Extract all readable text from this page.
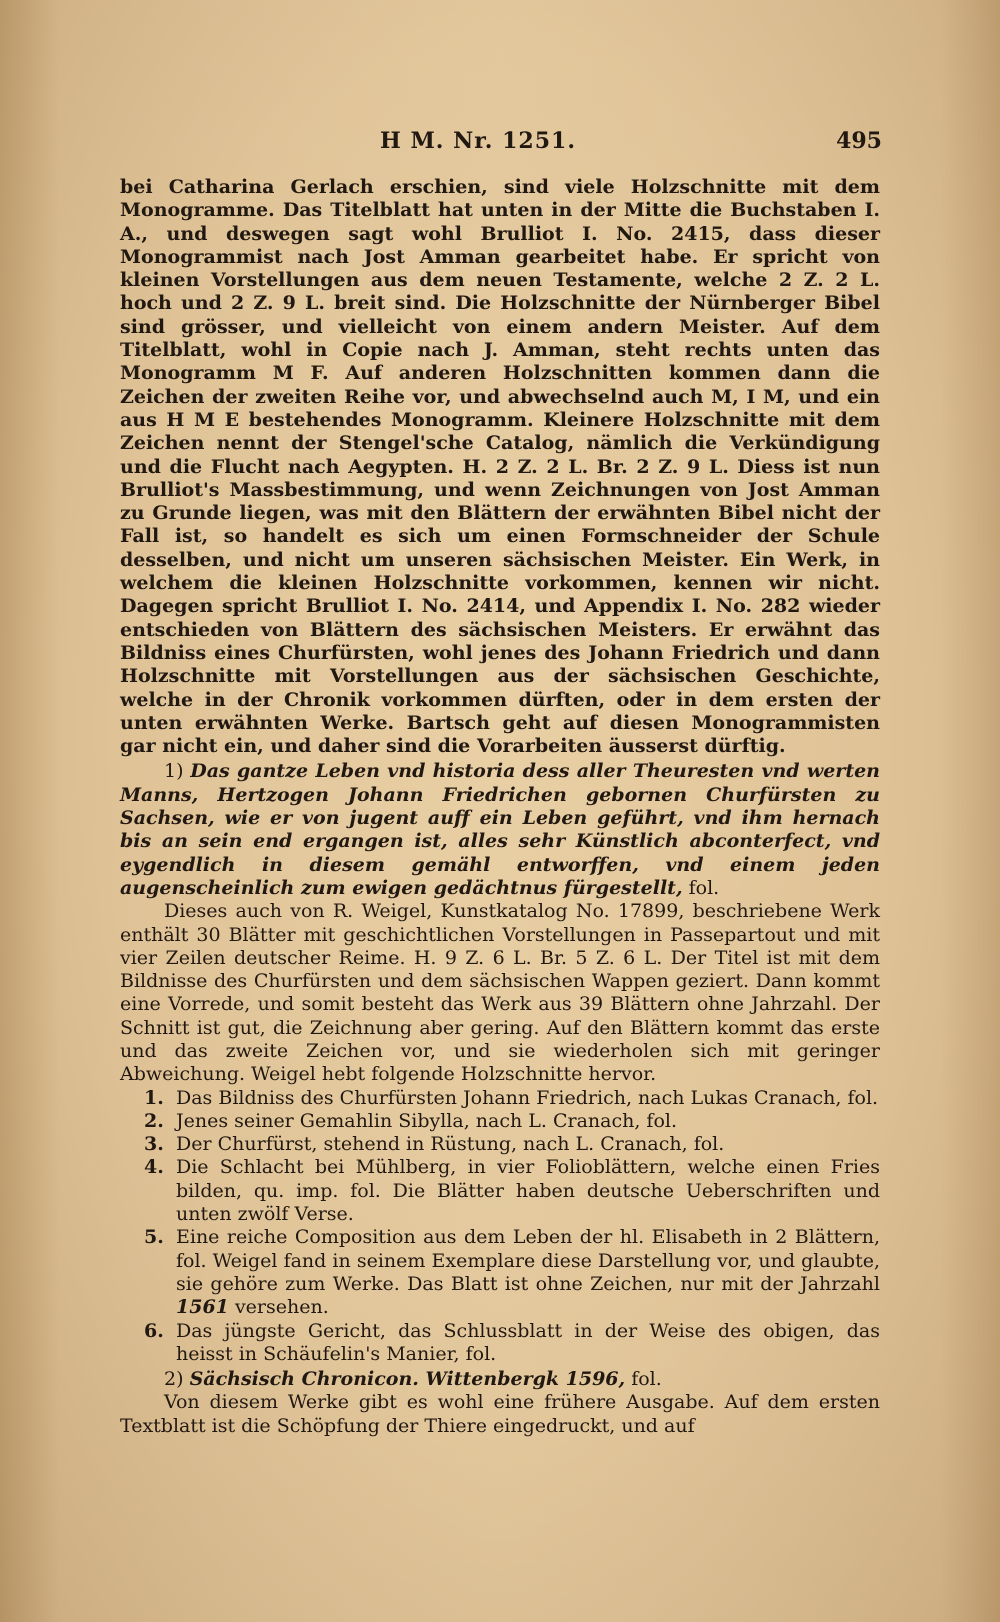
H M. Nr. 1251.	495

bei Catharina Gerlach erschien, sind viele Holzschnitte mit dem Monogramme. Das Titelblatt hat unten in der Mitte die Buchstaben I. A., und deswegen sagt wohl Brulliot I. No. 2415, dass dieser Monogrammist nach Jost Amman gearbeitet habe. Er spricht von kleinen Vorstellungen aus dem neuen Testamente, welche 2 Z. 2 L. hoch und 2 Z. 9 L. breit sind. Die Holzschnitte der Nürnberger Bibel sind grösser, und vielleicht von einem andern Meister. Auf dem Titelblatt, wohl in Copie nach J. Amman, steht rechts unten das Monogramm M F. Auf anderen Holzschnitten kommen dann die Zeichen der zweiten Reihe vor, und abwechselnd auch M, I M, und ein aus H M E bestehendes Monogramm. Kleinere Holzschnitte mit dem Zeichen nennt der Stengel'sche Catalog, nämlich die Verkündigung und die Flucht nach Aegypten. H. 2 Z. 2 L. Br. 2 Z. 9 L. Diess ist nun Brulliot's Massbestimmung, und wenn Zeichnungen von Jost Amman zu Grunde liegen, was mit den Blättern der erwähnten Bibel nicht der Fall ist, so handelt es sich um einen Formschneider der Schule desselben, und nicht um unseren sächsischen Meister. Ein Werk, in welchem die kleinen Holzschnitte vorkommen, kennen wir nicht. Dagegen spricht Brulliot I. No. 2414, und Appendix I. No. 282 wieder entschieden von Blättern des sächsischen Meisters. Er erwähnt das Bildniss eines Churfürsten, wohl jenes des Johann Friedrich und dann Holzschnitte mit Vorstellungen aus der sächsischen Geschichte, welche in der Chronik vorkommen dürften, oder in dem ersten der unten erwähnten Werke. Bartsch geht auf diesen Monogrammisten gar nicht ein, und daher sind die Vorarbeiten äusserst dürftig.

1) Das gantze Leben vnd historia dess aller Theuresten vnd werten Manns, Hertzogen Johann Friedrichen gebornen Churfürsten zu Sachsen, wie er von jugent auff ein Leben geführt, vnd ihm hernach bis an sein end ergangen ist, alles sehr Künstlich abconterfect, vnd eygendlich in diesem gemähl entworffen, vnd einem jeden augenscheinlich zum ewigen gedächtnus fürgestellt, fol.

Dieses auch von R. Weigel, Kunstkatalog No. 17899, beschriebene Werk enthält 30 Blätter mit geschichtlichen Vorstellungen in Passepartout und mit vier Zeilen deutscher Reime. H. 9 Z. 6 L. Br. 5 Z. 6 L. Der Titel ist mit dem Bildnisse des Churfürsten und dem sächsischen Wappen geziert. Dann kommt eine Vorrede, und somit besteht das Werk aus 39 Blättern ohne Jahrzahl. Der Schnitt ist gut, die Zeichnung aber gering. Auf den Blättern kommt das erste und das zweite Zeichen vor, und sie wiederholen sich mit geringer Abweichung. Weigel hebt folgende Holzschnitte hervor.

1. Das Bildniss des Churfürsten Johann Friedrich, nach Lukas Cranach, fol.
2. Jenes seiner Gemahlin Sibylla, nach L. Cranach, fol.
3. Der Churfürst, stehend in Rüstung, nach L. Cranach, fol.
4. Die Schlacht bei Mühlberg, in vier Folioblättern, welche einen Fries bilden, qu. imp. fol. Die Blätter haben deutsche Ueberschriften und unten zwölf Verse.
5. Eine reiche Composition aus dem Leben der hl. Elisabeth in 2 Blättern, fol. Weigel fand in seinem Exemplare diese Darstellung vor, und glaubte, sie gehöre zum Werke. Das Blatt ist ohne Zeichen, nur mit der Jahrzahl 1561 versehen.
6. Das jüngste Gericht, das Schlussblatt in der Weise des obigen, das heisst in Schäufelin's Manier, fol.

2) Sächsisch Chronicon. Wittenbergk 1596, fol.

Von diesem Werke gibt es wohl eine frühere Ausgabe. Auf dem ersten Textblatt ist die Schöpfung der Thiere eingedruckt, und auf
